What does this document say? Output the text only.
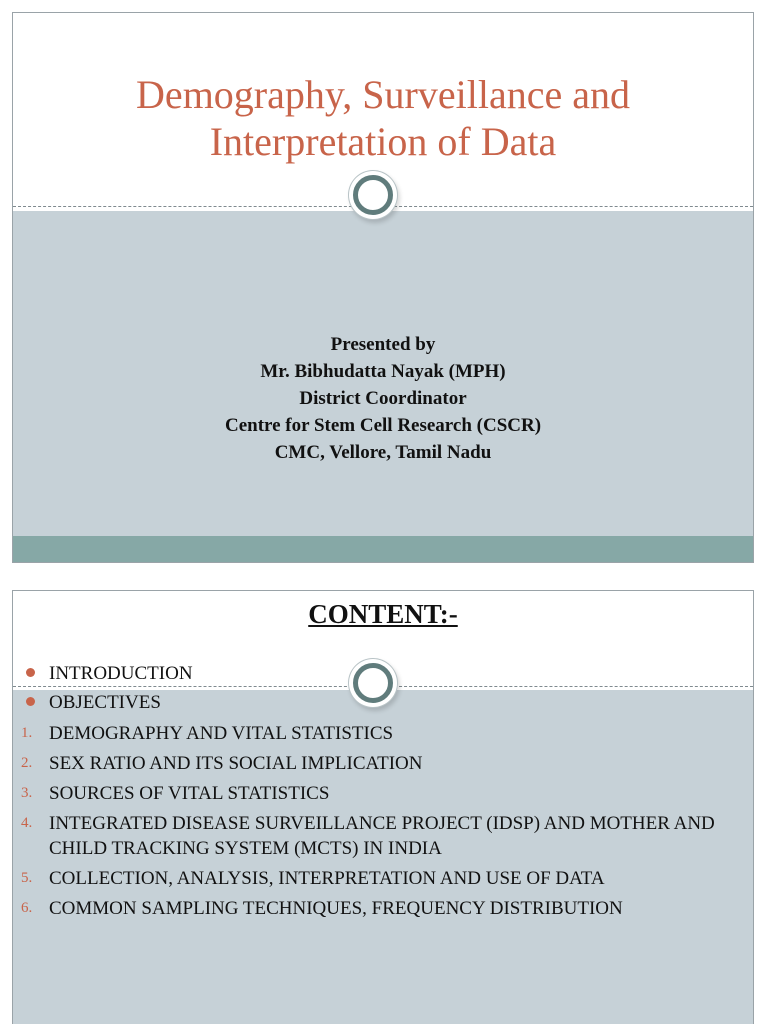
Demography, Surveillance and
Interpretation of Data
Presented by
Mr. Bibhudatta Nayak (MPH)
District Coordinator
Centre for Stem Cell Research (CSCR)
CMC, Vellore, Tamil Nadu
CONTENT:-
INTRODUCTION
OBJECTIVES
1. DEMOGRAPHY AND VITAL STATISTICS
2. SEX RATIO AND ITS SOCIAL IMPLICATION
3. SOURCES OF VITAL STATISTICS
4. INTEGRATED DISEASE SURVEILLANCE PROJECT (IDSP) AND MOTHER AND CHILD TRACKING SYSTEM (MCTS) IN INDIA
5. COLLECTION, ANALYSIS, INTERPRETATION AND USE OF DATA
6. COMMON SAMPLING TECHNIQUES, FREQUENCY DISTRIBUTION
